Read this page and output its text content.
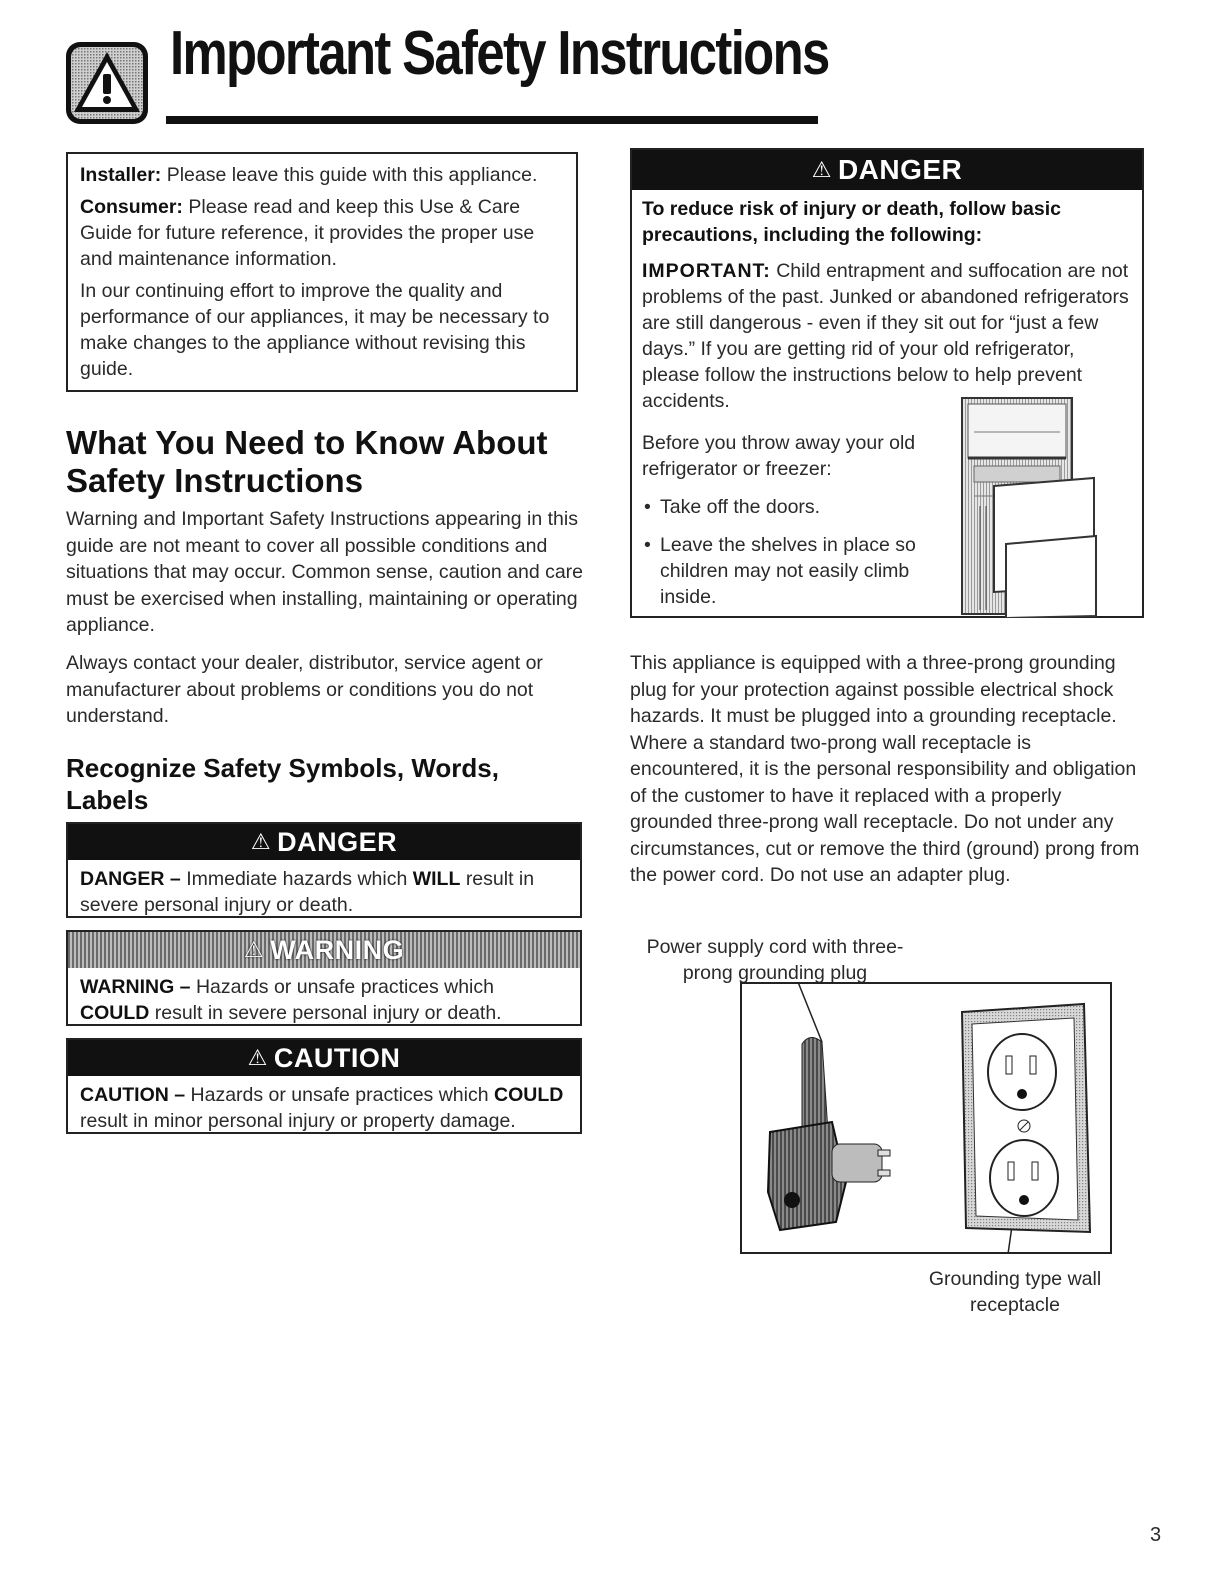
Important Safety Instructions

Installer: Please leave this guide with this appliance.

Consumer: Please read and keep this Use & Care Guide for future reference, it provides the proper use and maintenance information.

In our continuing effort to improve the quality and performance of our appliances, it may be necessary to make changes to the appliance without revising this guide.

What You Need to Know About Safety Instructions
Warning and Important Safety Instructions appearing in this guide are not meant to cover all possible conditions and situations that may occur. Common sense, caution and care must be exercised when installing, maintaining or operating appliance.
Always contact your dealer, distributor, service agent or manufacturer about problems or conditions you do not understand.
Recognize Safety Symbols, Words, Labels
⚠ DANGER
DANGER – Immediate hazards which WILL result in severe personal injury or death.
⚠ WARNING
WARNING – Hazards or unsafe practices which COULD result in severe personal injury or death.
⚠ CAUTION
CAUTION – Hazards or unsafe practices which COULD result in minor personal injury or property damage.
⚠ DANGER
To reduce risk of injury or death, follow basic precautions, including the following:
IMPORTANT: Child entrapment and suffocation are not problems of the past. Junked or abandoned refrigerators are still dangerous - even if they sit out for “just a few days.” If you are getting rid of your old refrigerator, please follow the instructions below to help prevent accidents.
Before you throw away your old refrigerator or freezer:
• Take off the doors.
• Leave the shelves in place so children may not easily climb inside.
This appliance is equipped with a three-prong grounding plug for your protection against possible electrical shock hazards. It must be plugged into a grounding receptacle. Where a standard two-prong wall receptacle is encountered, it is the personal responsibility and obligation of the customer to have it replaced with a properly grounded three-prong wall receptacle. Do not under any circumstances, cut or remove the third (ground) prong from the power cord. Do not use an adapter plug.
Power supply cord with three-prong grounding plug
Grounding type wall receptacle
3
